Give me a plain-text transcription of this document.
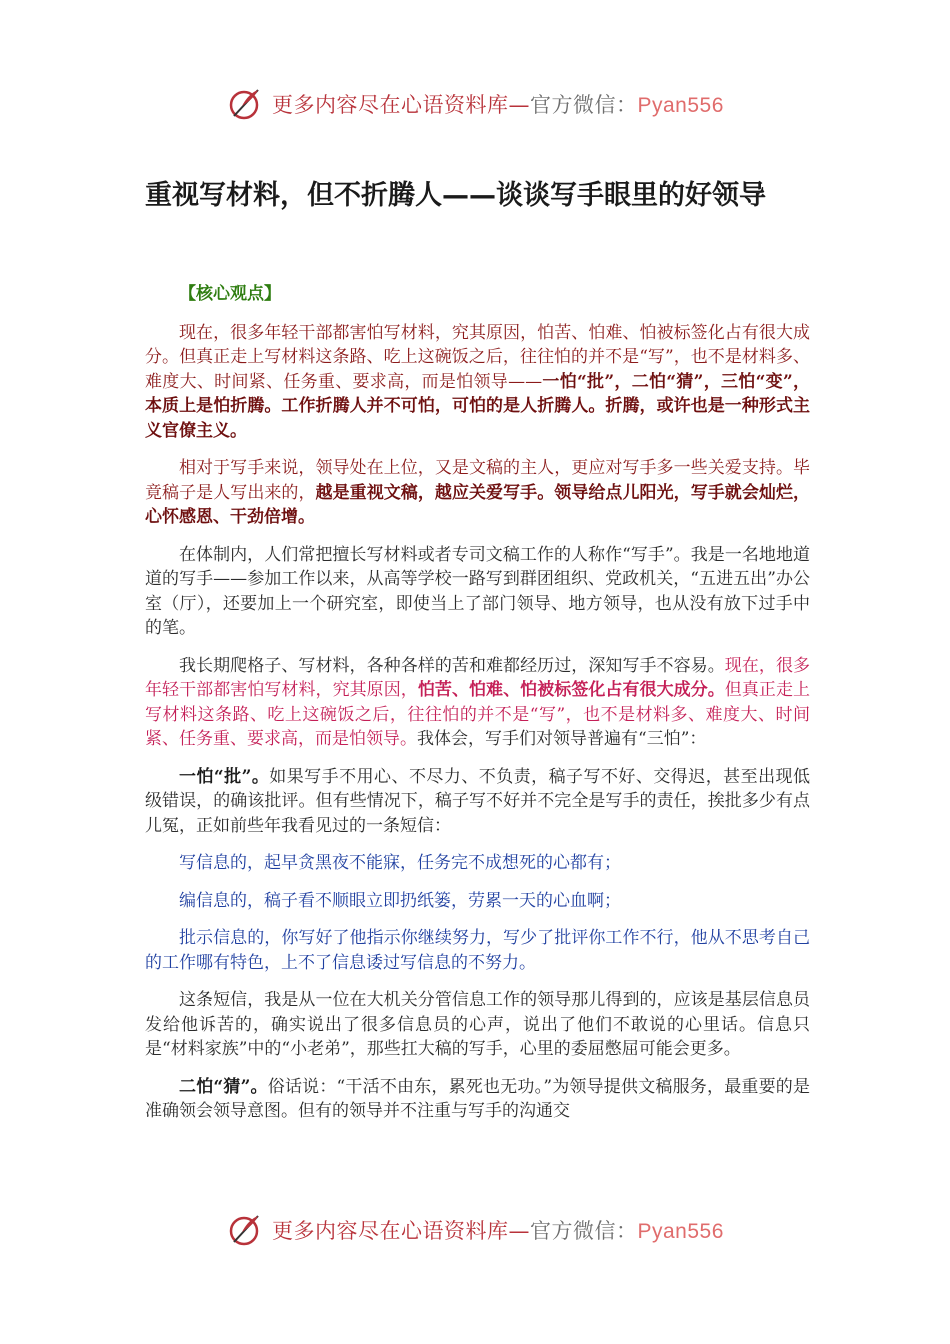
更多内容尽在心语资料库—官方微信：Pyan556
重视写材料，但不折腾人——谈谈写手眼里的好领导

【核心观点】

现在，很多年轻干部都害怕写材料，究其原因，怕苦、怕难、怕被标签化占有很大成分。但真正走上写材料这条路、吃上这碗饭之后，往往怕的并不是“写”，也不是材料多、难度大、时间紧、任务重、要求高，而是怕领导——一怕“批”，二怕“猜”，三怕“变”，本质上是怕折腾。工作折腾人并不可怕，可怕的是人折腾人。折腾，或许也是一种形式主义官僚主义。

相对于写手来说，领导处在上位，又是文稿的主人，更应对写手多一些关爱支持。毕竟稿子是人写出来的，越是重视文稿，越应关爱写手。领导给点儿阳光，写手就会灿烂，心怀感恩、干劲倍增。

在体制内，人们常把擅长写材料或者专司文稿工作的人称作“写手”。我是一名地地道道的写手——参加工作以来，从高等学校一路写到群团组织、党政机关，“五进五出”办公室（厅），还要加上一个研究室，即使当上了部门领导、地方领导，也从没有放下过手中的笔。

我长期爬格子、写材料，各种各样的苦和难都经历过，深知写手不容易。现在，很多年轻干部都害怕写材料，究其原因，怕苦、怕难、怕被标签化占有很大成分。但真正走上写材料这条路、吃上这碗饭之后，往往怕的并不是“写”，也不是材料多、难度大、时间紧、任务重、要求高，而是怕领导。我体会，写手们对领导普遍有“三怕”：

一怕“批”。如果写手不用心、不尽力、不负责，稿子写不好、交得迟，甚至出现低级错误，的确该批评。但有些情况下，稿子写不好并不完全是写手的责任，挨批多少有点儿冤，正如前些年我看见过的一条短信：

写信息的，起早贪黑夜不能寐，任务完不成想死的心都有；

编信息的，稿子看不顺眼立即扔纸篓，劳累一天的心血啊；

批示信息的，你写好了他指示你继续努力，写少了批评你工作不行，他从不思考自己的工作哪有特色，上不了信息诿过写信息的不努力。

这条短信，我是从一位在大机关分管信息工作的领导那儿得到的，应该是基层信息员发给他诉苦的，确实说出了很多信息员的心声，说出了他们不敢说的心里话。信息只是“材料家族”中的“小老弟”，那些扛大稿的写手，心里的委屈憋屈可能会更多。

二怕“猜”。俗话说：“干活不由东，累死也无功。”为领导提供文稿服务，最重要的是准确领会领导意图。但有的领导并不注重与写手的沟通交

更多内容尽在心语资料库—官方微信：Pyan556
